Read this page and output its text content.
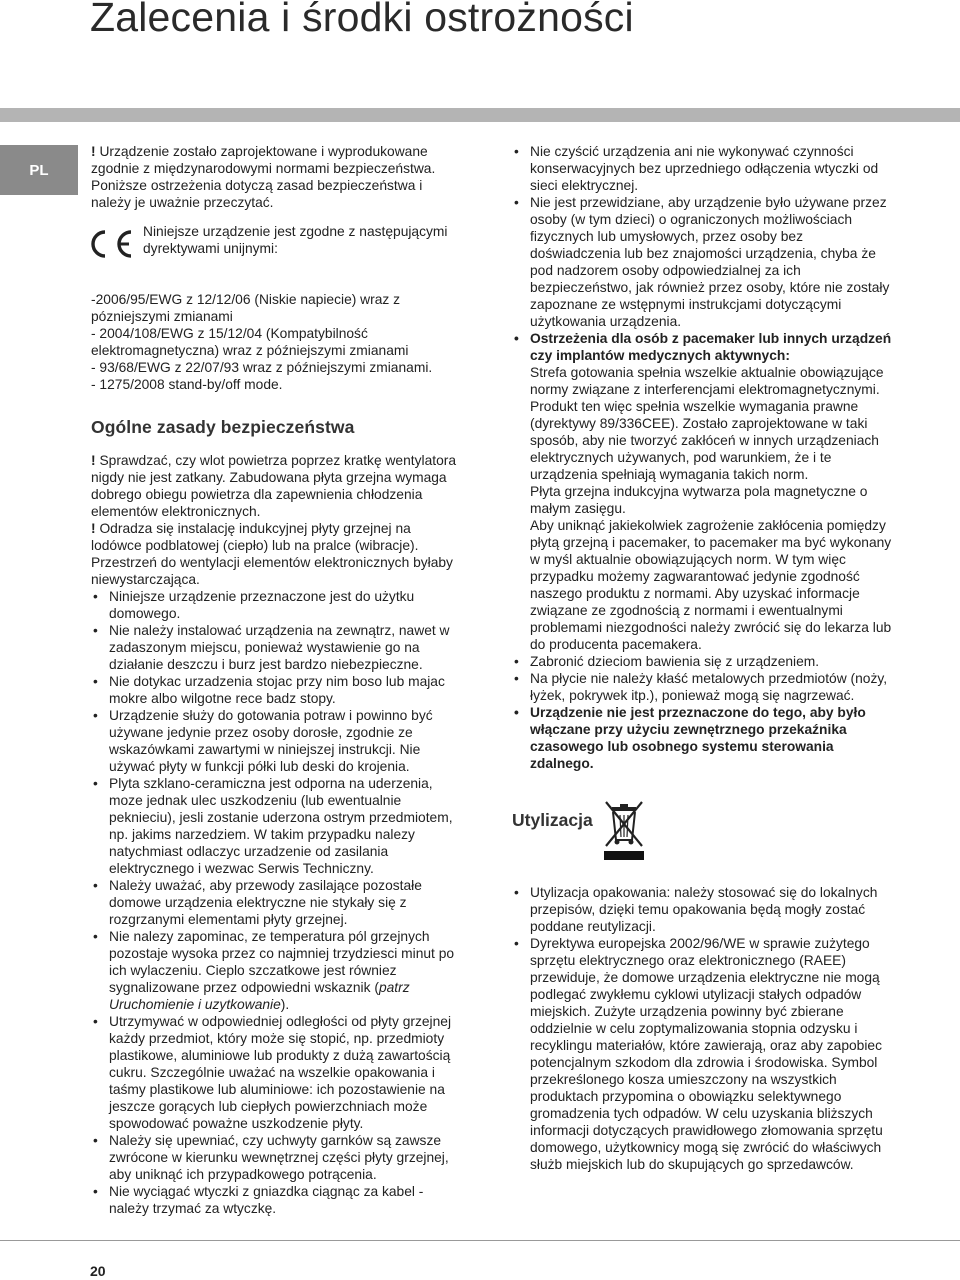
Zalecenia i środki ostrożności
PL

! Urządzenie zostało zaprojektowane i wyprodukowane zgodnie z międzynarodowymi normami bezpieczeństwa. Poniższe ostrzeżenia dotyczą zasad bezpieczeństwa i należy je uważnie przeczytać.

Niniejsze urządzenie jest zgodne z następującymi dyrektywami unijnymi:

-2006/95/EWG z 12/12/06 (Niskie napiecie) wraz z pózniejszymi zmianami

- 2004/108/EWG z 15/12/04 (Kompatybilność elektromagnetyczna) wraz z późniejszymi zmianami

- 93/68/EWG z 22/07/93 wraz z późniejszymi zmianami.

- 1275/2008 stand-by/off mode.

Ogólne zasady bezpieczeństwa

! Sprawdzać, czy wlot powietrza poprzez kratkę wentylatora nigdy nie jest zatkany. Zabudowana płyta grzejna wymaga dobrego obiegu powietrza dla zapewnienia chłodzenia elementów elektronicznych.

! Odradza się instalację indukcyjnej płyty grzejnej na lodówce podblatowej (ciepło) lub na pralce (wibracje). Przestrzeń do wentylacji elementów elektronicznych byłaby niewystarczająca.

• Niniejsze urządzenie przeznaczone jest do użytku domowego.
• Nie należy instalować urządzenia na zewnątrz, nawet w zadaszonym miejscu, ponieważ wystawienie go na działanie deszczu i burz jest bardzo niebezpieczne.
• Nie dotykac urzadzenia stojac przy nim boso lub majac mokre albo wilgotne rece badz stopy.
• Urządzenie służy do gotowania potraw i powinno być używane jedynie przez osoby dorosłe, zgodnie ze wskazówkami zawartymi w niniejszej instrukcji. Nie używać płyty w funkcji półki lub deski do krojenia.
• Plyta szklano-ceramiczna jest odporna na uderzenia, moze jednak ulec uszkodzeniu (lub ewentualnie peknieciu), jesli zostanie uderzona ostrym przedmiotem, np. jakims narzedziem. W takim przypadku nalezy natychmiast odlaczyc urzadzenie od zasilania elektrycznego i wezwac Serwis Techniczny.
• Należy uważać, aby przewody zasilające pozostałe domowe urządzenia elektryczne nie stykały się z rozgrzanymi elementami płyty grzejnej.
• Nie nalezy zapominac, ze temperatura pól grzejnych pozostaje wysoka przez co najmniej trzydziesci minut po ich wylaczeniu. Cieplo szczatkowe jest równiez sygnalizowane przez odpowiedni wskaznik (patrz Uruchomienie i uzytkowanie).
• Utrzymywać w odpowiedniej odległości od płyty grzejnej każdy przedmiot, który może się stopić, np. przedmioty plastikowe, aluminiowe lub produkty z dużą zawartością cukru. Szczególnie uważać na wszelkie opakowania i taśmy plastikowe lub aluminiowe: ich pozostawienie na jeszcze gorących lub ciepłych powierzchniach może spowodować poważne uszkodzenie płyty.
• Należy się upewniać, czy uchwyty garnków są zawsze zwrócone w kierunku wewnętrznej części płyty grzejnej, aby uniknąć ich przypadkowego potrącenia.
• Nie wyciągać wtyczki z gniazdka ciągnąc za kabel - należy trzymać za wtyczkę.
• Nie czyścić urządzenia ani nie wykonywać czynności konserwacyjnych bez uprzedniego odłączenia wtyczki od sieci elektrycznej.
• Nie jest przewidziane, aby urządzenie było używane przez osoby (w tym dzieci) o ograniczonych możliwościach fizycznych lub umysłowych, przez osoby bez doświadczenia lub bez znajomości urządzenia, chyba że pod nadzorem osoby odpowiedzialnej za ich bezpieczeństwo, jak również przez osoby, które nie zostały zapoznane ze wstępnymi instrukcjami dotyczącymi użytkowania urządzenia.
• Ostrzeżenia dla osób z pacemaker lub innych urządzeń czy implantów medycznych aktywnych:

Strefa gotowania spełnia wszelkie aktualnie obowiązujące normy związane z interferencjami elektromagnetycznymi.

Produkt ten więc spełnia wszelkie wymagania prawne (dyrektywy 89/336CEE). Zostało zaprojektowane w taki sposób, aby nie tworzyć zakłóceń w innych urządzeniach elektrycznych używanych, pod warunkiem, że i te urządzenia spełniają wymagania takich norm.

Płyta grzejna indukcyjna wytwarza pola magnetyczne o małym zasięgu.

Aby uniknąć jakiekolwiek zagrożenie zakłócenia pomiędzy płytą grzejną i pacemaker, to pacemaker ma być wykonany w myśl aktualnie obowiązujących norm. W tym więc przypadku możemy zagwarantować jedynie zgodność naszego produktu z normami. Aby uzyskać informacje związane ze zgodnością z normami i ewentualnymi problemami niezgodności należy zwrócić się do lekarza lub do producenta pacemakera.

• Zabronić dzieciom bawienia się z urządzeniem.
• Na płycie nie należy kłaść metalowych przedmiotów (noży, łyżek, pokrywek itp.), ponieważ mogą się nagrzewać.
• Urządzenie nie jest przeznaczone do tego, aby było włączane przy użyciu zewnętrznego przekaźnika czasowego lub osobnego systemu sterowania zdalnego.
Utylizacja
• Utylizacja opakowania: należy stosować się do lokalnych przepisów, dzięki temu opakowania będą mogły zostać poddane reutylizacji.
• Dyrektywa europejska 2002/96/WE w sprawie zużytego sprzętu elektrycznego oraz elektronicznego (RAEE) przewiduje, że domowe urządzenia elektryczne nie mogą podlegać zwykłemu cyklowi utylizacji stałych odpadów miejskich. Zużyte urządzenia powinny być zbierane oddzielnie w celu zoptymalizowania stopnia odzysku i recyklingu materiałów, które zawierają, oraz aby zapobiec potencjalnym szkodom dla zdrowia i środowiska. Symbol przekreślonego kosza umieszczony na wszystkich produktach przypomina o obowiązku selektywnego gromadzenia tych odpadów. W celu uzyskania bliższych informacji dotyczących prawidłowego złomowania sprzętu domowego, użytkownicy mogą się zwrócić do właściwych służb miejskich lub do skupujących go sprzedawców.
20
